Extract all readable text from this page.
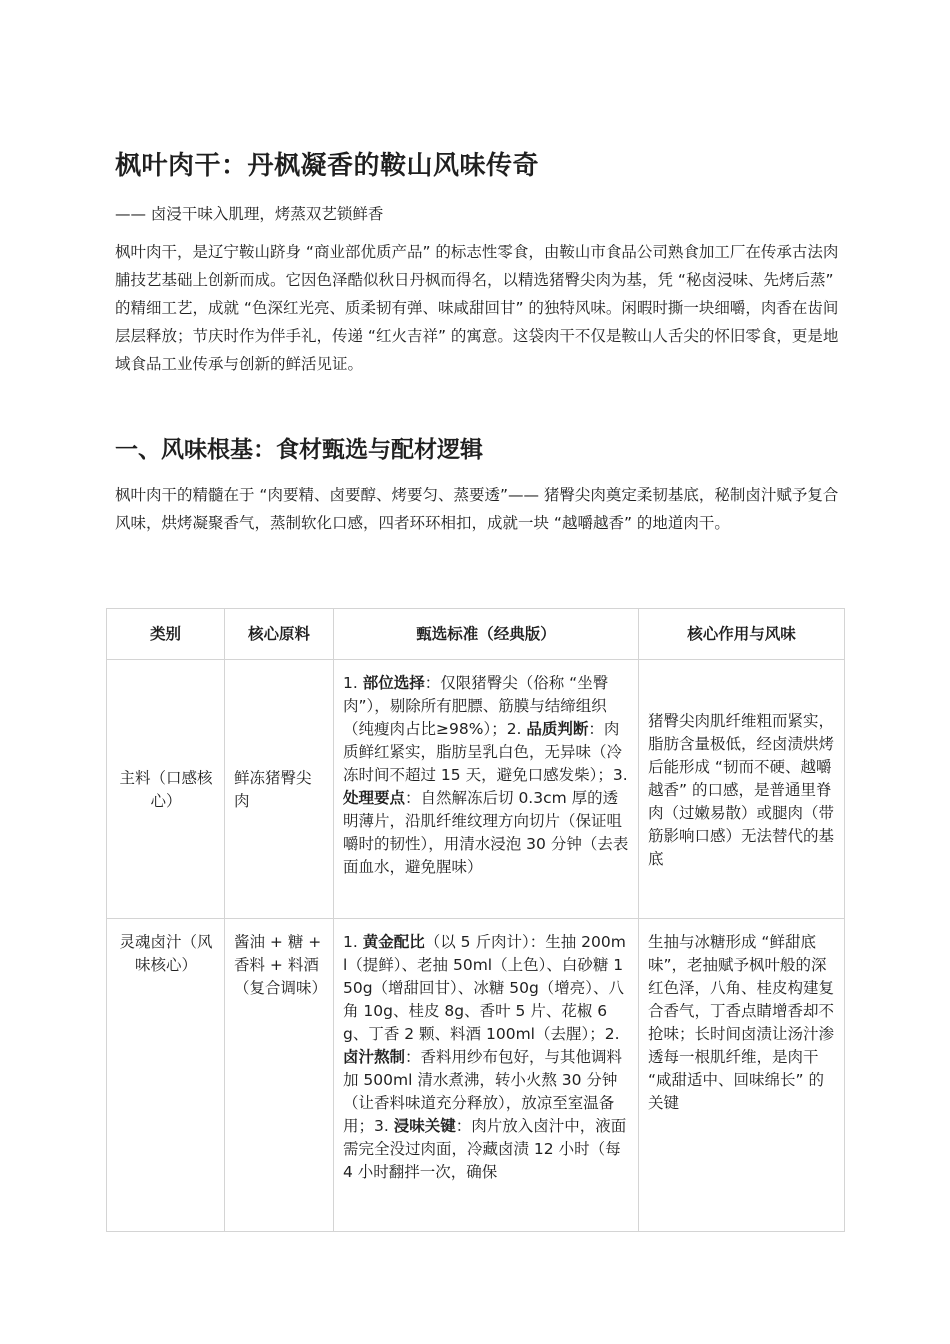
枫叶肉干：丹枫凝香的鞍山风味传奇

—— 卤浸干味入肌理，烤蒸双艺锁鲜香

枫叶肉干，是辽宁鞍山跻身 “商业部优质产品” 的标志性零食，由鞍山市食品公司熟食加工厂在传承古法肉脯技艺基础上创新而成。它因色泽酷似秋日丹枫而得名，以精选猪臀尖肉为基，凭 “秘卤浸味、先烤后蒸” 的精细工艺，成就 “色深红光亮、质柔韧有弹、味咸甜回甘” 的独特风味。闲暇时撕一块细嚼，肉香在齿间层层释放；节庆时作为伴手礼，传递 “红火吉祥” 的寓意。这袋肉干不仅是鞍山人舌尖的怀旧零食，更是地域食品工业传承与创新的鲜活见证。

一、风味根基：食材甄选与配材逻辑

枫叶肉干的精髓在于 “肉要精、卤要醇、烤要匀、蒸要透”—— 猪臀尖肉奠定柔韧基底，秘制卤汁赋予复合风味，烘烤凝聚香气，蒸制软化口感，四者环环相扣，成就一块 “越嚼越香” 的地道肉干。

类别	核心原料	甄选标准（经典版）	核心作用与风味
主料（口感核心）	鲜冻猪臀尖肉	1. 部位选择：仅限猪臀尖（俗称 “坐臀肉”），剔除所有肥膘、筋膜与结缔组织（纯瘦肉占比≥98%）；2. 品质判断：肉质鲜红紧实，脂肪呈乳白色，无异味（冷冻时间不超过 15 天，避免口感发柴）；3. 处理要点：自然解冻后切 0.3cm 厚的透明薄片，沿肌纤维纹理方向切片（保证咀嚼时的韧性），用清水浸泡 30 分钟（去表面血水，避免腥味）	猪臀尖肉肌纤维粗而紧实，脂肪含量极低，经卤渍烘烤后能形成 “韧而不硬、越嚼越香” 的口感，是普通里脊肉（过嫩易散）或腿肉（带筋影响口感）无法替代的基底
灵魂卤汁（风味核心）	酱油 + 糖 + 香料 + 料酒（复合调味）	1. 黄金配比（以 5 斤肉计）：生抽 200ml（提鲜）、老抽 50ml（上色）、白砂糖 150g（增甜回甘）、冰糖 50g（增亮）、八角 10g、桂皮 8g、香叶 5 片、花椒 6g、丁香 2 颗、料酒 100ml（去腥）；2. 卤汁熬制：香料用纱布包好，与其他调料加 500ml 清水煮沸，转小火熬 30 分钟（让香料味道充分释放），放凉至室温备用；3. 浸味关键：肉片放入卤汁中，液面需完全没过肉面，冷藏卤渍 12 小时（每 4 小时翻拌一次，确保	生抽与冰糖形成 “鲜甜底味”，老抽赋予枫叶般的深红色泽，八角、桂皮构建复合香气，丁香点睛增香却不抢味；长时间卤渍让汤汁渗透每一根肌纤维，是肉干 “咸甜适中、回味绵长” 的关键
